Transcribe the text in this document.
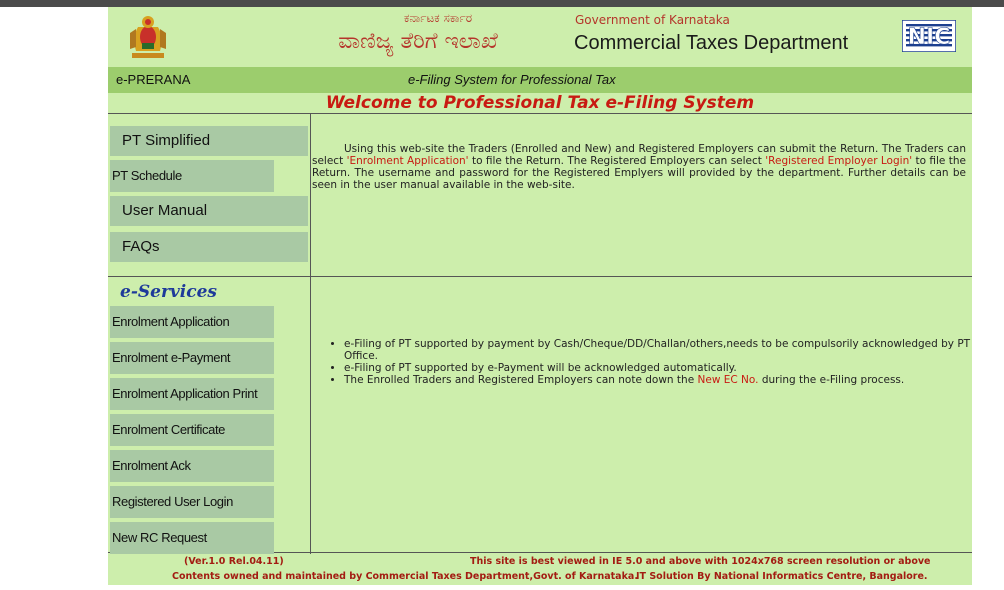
ಕರ್ನಾಟಕ ಸರ್ಕಾರ
ವಾಣಿಜ್ಯ ತೆರಿಗೆ ಇಲಾಖೆ
Government of Karnataka
Commercial Taxes Department	NIC
e-PRERANA	e-Filing System for Professional Tax
Welcome to Professional Tax e-Filing System
PT Simplified
PT Schedule
User Manual
FAQs

Using this web-site the Traders (Enrolled and New) and Registered Employers can submit the Return. The Traders can select 'Enrolment Application' to file the Return. The Registered Employers can select 'Registered Employer Login' to file the Return. The username and password for the Registered Emplyers will provided by the department. Further details can be seen in the user manual available in the web-site.

e-Services
Enrolment Application
Enrolment e-Payment
Enrolment Application Print
Enrolment Certificate
Enrolment Ack
Registered User Login
New RC Request
• e-Filing of PT supported by payment by Cash/Cheque/DD/Challan/others,needs to be compulsorily acknowledged by PT Office.
• e-Filing of PT supported by e-Payment will be acknowledged automatically.
• The Enrolled Traders and Registered Employers can note down the New EC No. during the e-Filing process.
(Ver.1.0 Rel.04.11)	This site is best viewed in IE 5.0 and above with 1024x768 screen resolution or above
Contents owned and maintained by Commercial Taxes Department,Govt. of Karnataka.
IT Solution By National Informatics Centre, Bangalore.
